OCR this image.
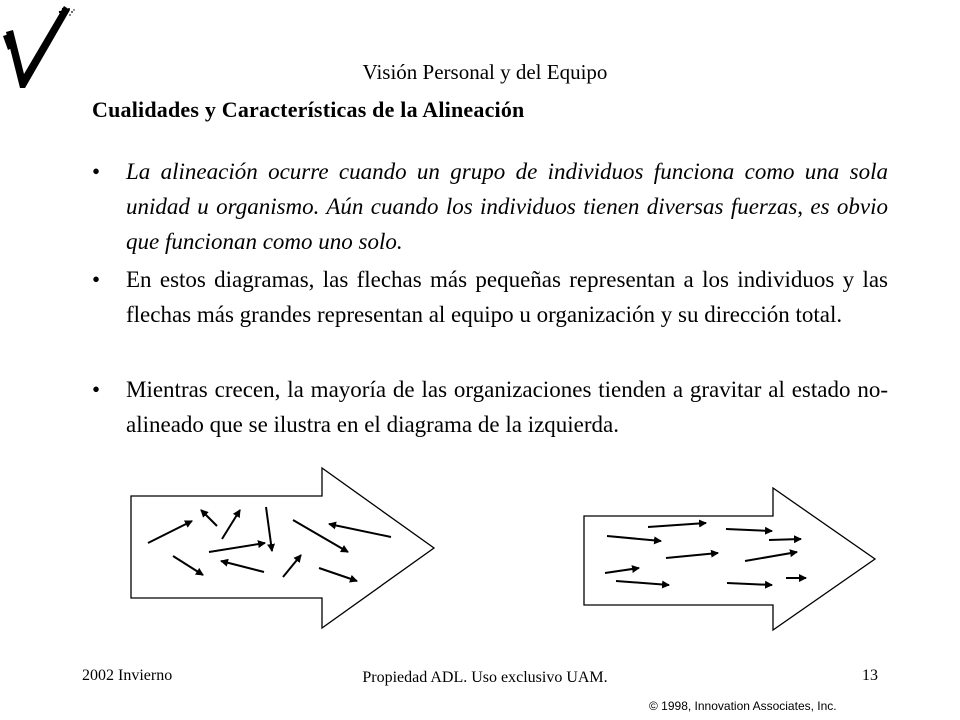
Visión Personal y del Equipo
Cualidades y Características de la Alineación
•	La alineación ocurre cuando un grupo de individuos funciona como una sola unidad u organismo. Aún cuando los individuos tienen diversas fuerzas, es obvio que funcionan como uno solo.
•	En estos diagramas, las flechas más pequeñas representan a los individuos y las flechas más grandes representan al equipo u organización y su dirección total.
•	Mientras crecen, la mayoría de las organizaciones tienden a gravitar al estado no-alineado que se ilustra en el diagrama de la izquierda.
2002 Invierno	Propiedad ADL. Uso exclusivo UAM.	13
© 1998, Innovation Associates, Inc.
